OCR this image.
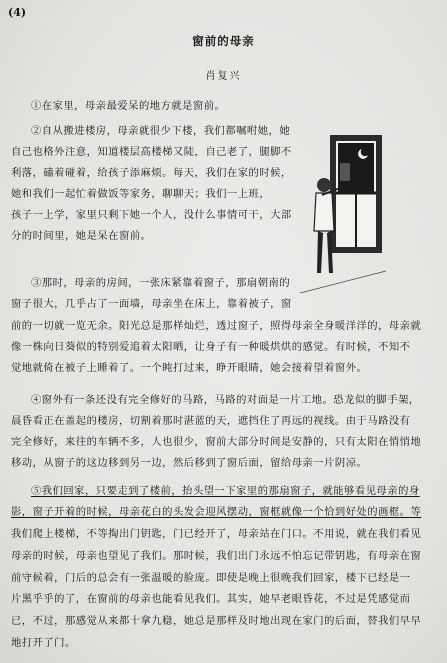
(4)
窗前的母亲
肖复兴
①在家里，母亲最爱呆的地方就是窗前。
②自从搬进楼房，母亲就很少下楼，我们都嘱咐她，她
自己也格外注意，知道楼层高楼梯又陡，自己老了，腿脚不
利落，磕着碰着，给孩子添麻烦。每天，我们在家的时候，
她和我们一起忙着做饭等家务，聊聊天；我们一上班，
孩子一上学，家里只剩下她一个人，没什么事情可干，大部
分的时间里，她是呆在窗前。
③那时，母亲的房间，一张床紧靠着窗子，那扇朝南的
窗子很大，几乎占了一面墙，母亲坐在床上，靠着被子，窗
前的一切就一览无余。阳光总是那样灿烂，透过窗子，照得母亲全身暖洋洋的，母亲就
像一株向日葵似的特别爱追着太阳晒，让身子有一种暖烘烘的感觉。有时候，不知不
觉地就倚在被子上睡着了。一个盹打过来，睁开眼睛，她会接着望着窗外。
④窗外有一条还没有完全修好的马路，马路的对面是一片工地。恐龙似的脚手架，
晨昏看正在盖起的楼房，切割着那时湛蓝的天，遮挡住了再远的视线。由于马路没有
完全修好，来往的车辆不多，人也很少，窗前大部分时间是安静的，只有太阳在悄悄地
移动，从窗子的这边移到另一边，然后移到了窗后面，留给母亲一片阴凉。
⑤我们回家，只要走到了楼前，抬头望一下家里的那扇窗子，就能够看见母亲的身
影，窗子开着的时候，母亲花白的头发会迎风摆动，窗框就像一个恰到好处的画框。等
我们爬上楼梯，不等掏出门钥匙，门已经开了，母亲站在门口。不用说，就在我们看见
母亲的时候，母亲也望见了我们。那时候，我们出门永远不怕忘记带钥匙，有母亲在窗
前守候着，门后的总会有一张温暖的脸庞。即使是晚上很晚我们回家，楼下已经是一
片黑乎乎的了，在窗前的母亲也能看见我们。其实，她早老眼昏花，不过是凭感觉而
已，不过，那感觉从来都十拿九稳，她总是那样及时地出现在家门的后面，替我们早早
地打开了门。
